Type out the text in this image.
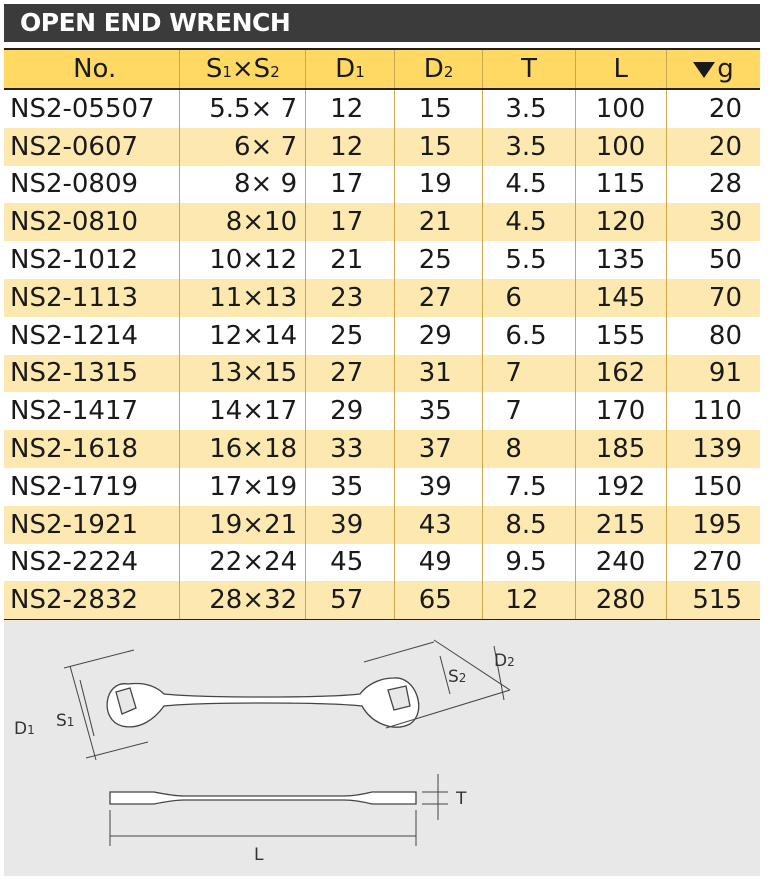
OPEN END WRENCH
No.	S1×S2	D1	D2	T	L	g
NS2-05507	5.5× 7	12	15	3.5	100	20
NS2-0607	6× 7	12	15	3.5	100	20
NS2-0809	8× 9	17	19	4.5	115	28
NS2-0810	8×10	17	21	4.5	120	30
NS2-1012	10×12	21	25	5.5	135	50
NS2-1113	11×13	23	27	6	145	70
NS2-1214	12×14	25	29	6.5	155	80
NS2-1315	13×15	27	31	7	162	91
NS2-1417	14×17	29	35	7	170	110
NS2-1618	16×18	33	37	8	185	139
NS2-1719	17×19	35	39	7.5	192	150
NS2-1921	19×21	39	43	8.5	215	195
NS2-2224	22×24	45	49	9.5	240	270
NS2-2832	28×32	57	65	12	280	515
D1 S1
S2
D2
T
L
